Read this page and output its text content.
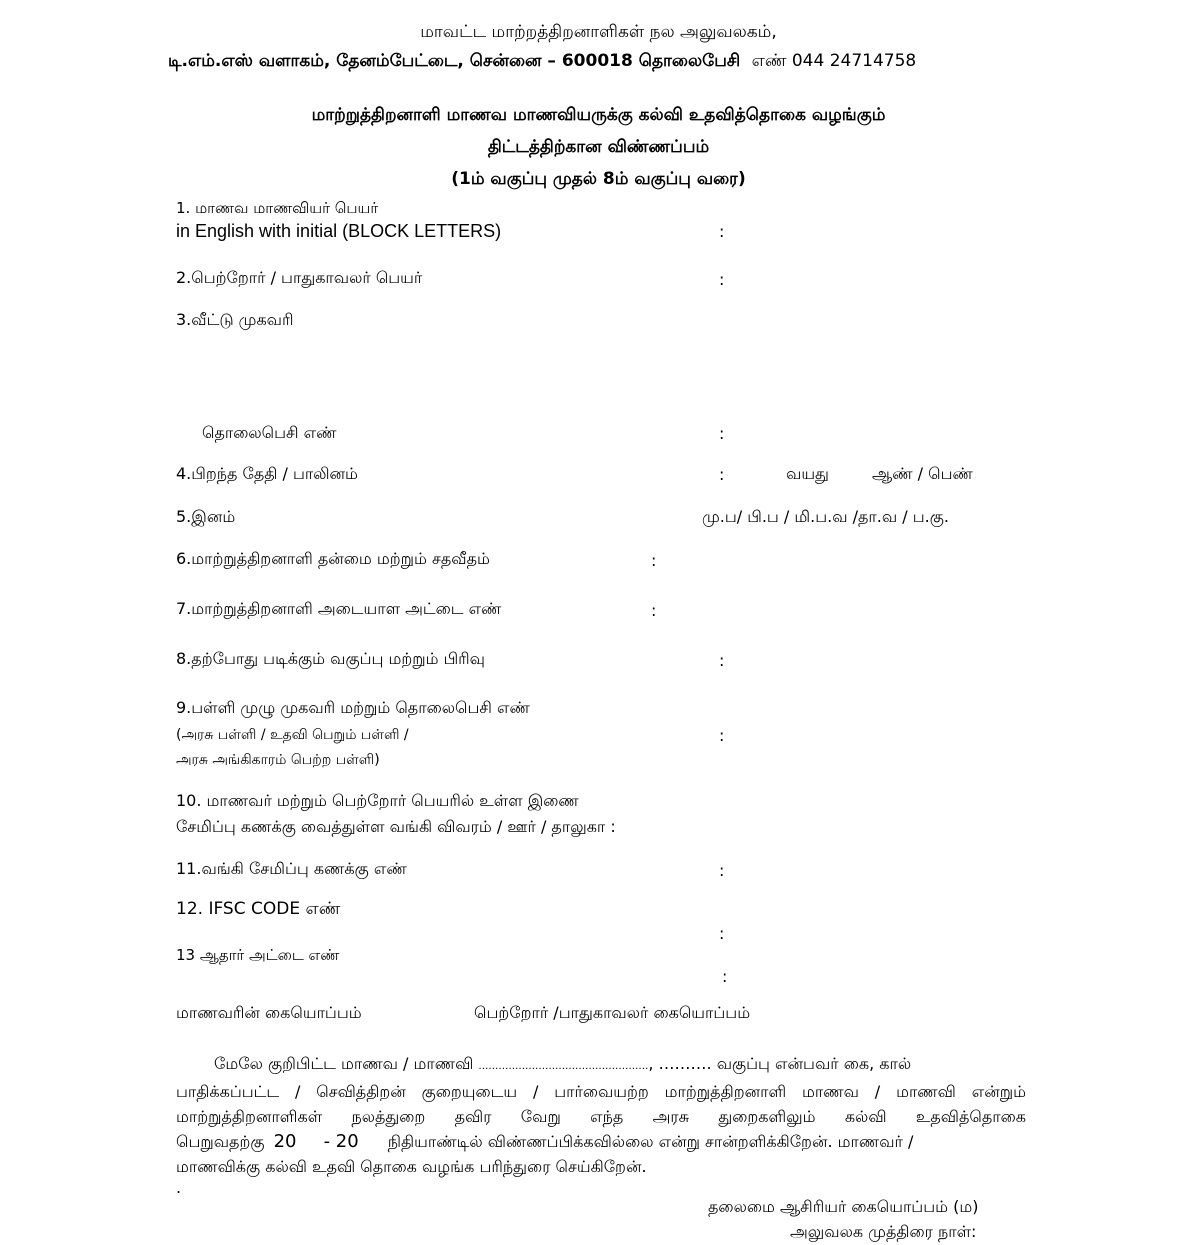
மாவட்ட மாற்றத்திறனாளிகள் நல அலுவலகம்,
டி.எம்.எஸ் வளாகம், தேனம்பேட்டை, சென்னை – 600018 தொலைபேசி எண் 044 24714758
மாற்றுத்திறனாளி மாணவ மாணவியருக்கு கல்வி உதவித்தொகை வழங்கும்
திட்டத்திற்கான விண்ணப்பம்
(1ம் வகுப்பு முதல் 8ம் வகுப்பு வரை)
1. மாணவ மாணவியர் பெயர்
in English with initial (BLOCK LETTERS)	:
2.பெற்றோர் / பாதுகாவலர் பெயர்	:
3.வீட்டு முகவரி
தொலைபெசி எண்	:
4.பிறந்த தேதி / பாலினம்	:	வயது	ஆண் / பெண்
5.இனம்	மு.ப/ பி.ப / மி.ப.வ /தா.வ / ப.கு.
6.மாற்றுத்திறனாளி தன்மை மற்றும் சதவீதம்	:
7.மாற்றுத்திறனாளி அடையாள அட்டை எண்	:
8.தற்போது படிக்கும் வகுப்பு மற்றும் பிரிவு	:
9.பள்ளி முழு முகவரி மற்றும் தொலைபெசி எண்
(அரசு பள்ளி / உதவி பெறும் பள்ளி /
அரசு அங்கிகாரம் பெற்ற பள்ளி)
:
10. மாணவர் மற்றும் பெற்றோர் பெயரில் உள்ள இணை
சேமிப்பு கணக்கு வைத்துள்ள வங்கி விவரம் / ஊர் / தாலுகா :
11.வங்கி சேமிப்பு கணக்கு எண்	:
12. IFSC CODE எண்
:
13 ஆதார் அட்டை எண்
:
மாணவரின் கையொப்பம்	பெற்றோர் /பாதுகாவலர் கையொப்பம்
மேலே குறிபிட்ட மாணவ / மாணவி ……………………………………………, ………. வகுப்பு என்பவர் கை, கால்
பாதிக்கப்பட்ட / செவித்திறன் குறையுடைய / பார்வையற்ற மாற்றுத்திறனாளி மாணவ / மாணவி என்றும்
மாற்றுத்திறனாளிகள் நலத்துறை தவிர வேறு எந்த அரசு துறைகளிலும் கல்வி உதவித்தொகை
பெறுவதற்கு 20 - 20 நிதியாண்டில் விண்ணப்பிக்கவில்லை என்று சான்றளிக்கிறேன். மாணவர் /
மாணவிக்கு கல்வி உதவி தொகை வழங்க பரிந்துரை செய்கிறேன்.
.
தலைமை ஆசிரியர் கையொப்பம் (ம)
அலுவலக முத்திரை நாள்:
